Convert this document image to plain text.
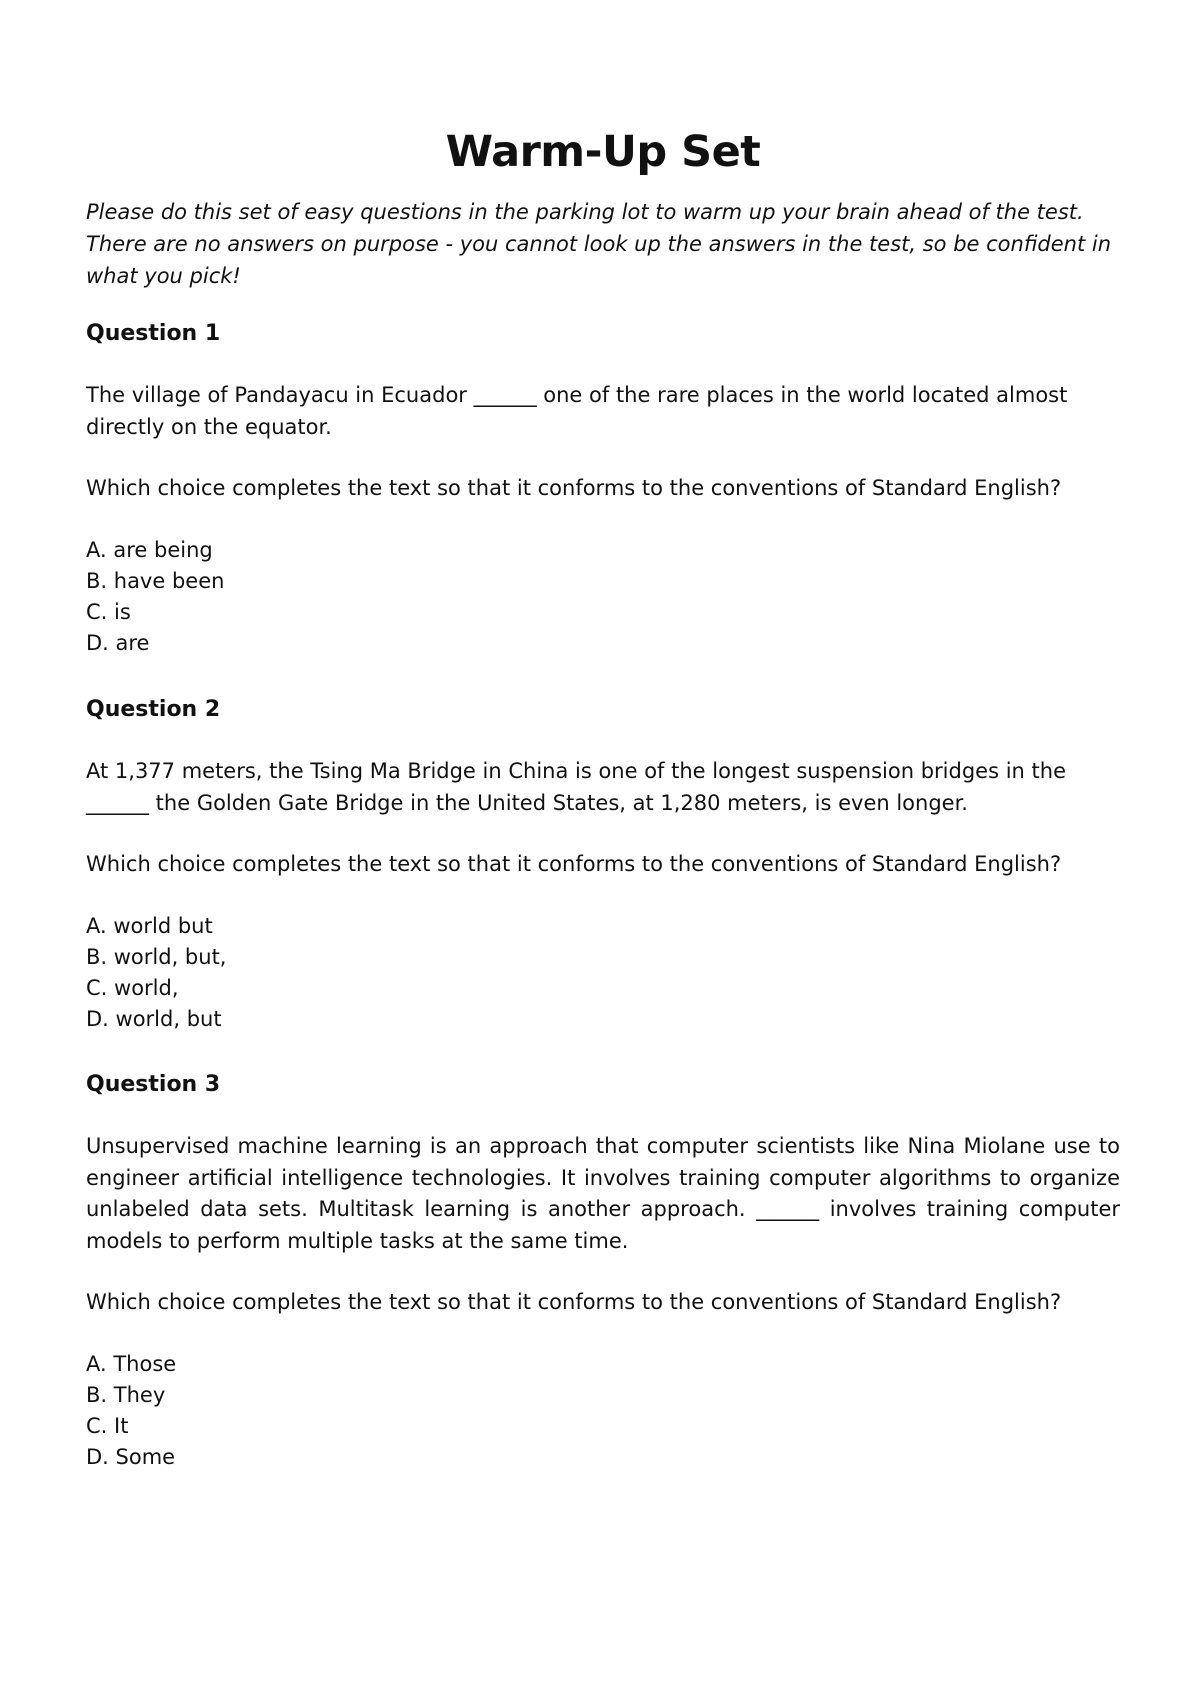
Warm-Up Set

Please do this set of easy questions in the parking lot to warm up your brain ahead of the test. There are no answers on purpose - you cannot look up the answers in the test, so be confident in what you pick!

Question 1

The village of Pandayacu in Ecuador ______ one of the rare places in the world located almost directly on the equator.

Which choice completes the text so that it conforms to the conventions of Standard English?

A. are being
B. have been
C. is
D. are
Question 2

At 1,377 meters, the Tsing Ma Bridge in China is one of the longest suspension bridges in the ______ the Golden Gate Bridge in the United States, at 1,280 meters, is even longer.

Which choice completes the text so that it conforms to the conventions of Standard English?

A. world but
B. world, but,
C. world,
D. world, but
Question 3

Unsupervised machine learning is an approach that computer scientists like Nina Miolane use to engineer artificial intelligence technologies. It involves training computer algorithms to organize unlabeled data sets. Multitask learning is another approach. ______ involves training computer models to perform multiple tasks at the same time.

Which choice completes the text so that it conforms to the conventions of Standard English?

A. Those
B. They
C. It
D. Some
